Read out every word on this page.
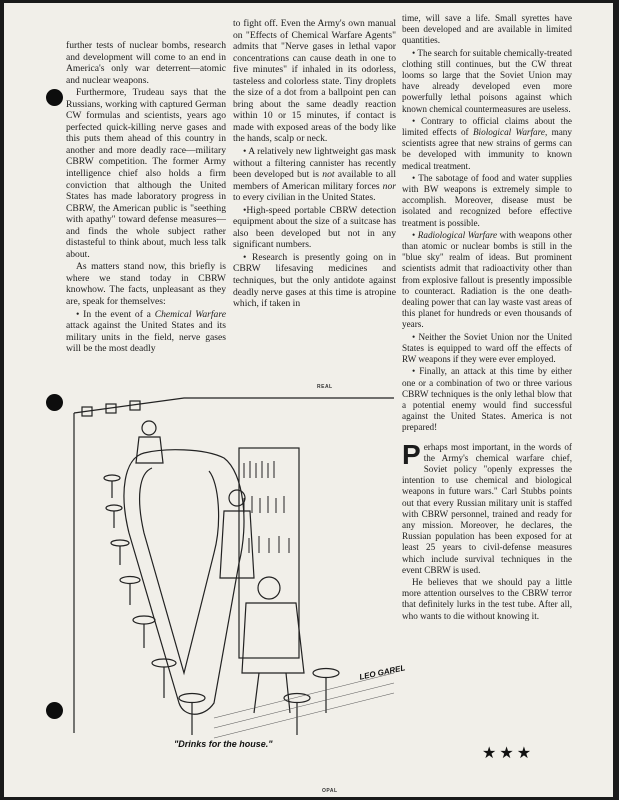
further tests of nuclear bombs, research and development will come to an end in America's only war deterrent—atomic and nuclear weapons.

Furthermore, Trudeau says that the Russians, working with captured German CW formulas and scientists, years ago perfected quick-killing nerve gases and this puts them ahead of this country in another and more deadly race—military CBRW competition. The former Army intelligence chief also holds a firm conviction that although the United States has made laboratory progress in CBRW, the American public is "seething with apathy" toward defense measures—and finds the whole subject rather distasteful to think about, much less talk about.

As matters stand now, this briefly is where we stand today in CBRW knowhow. The facts, unpleasant as they are, speak for themselves:

• In the event of a Chemical Warfare attack against the United States and its military units in the field, nerve gases will be the most deadly

to fight off. Even the Army's own manual on "Effects of Chemical Warfare Agents" admits that "Nerve gases in lethal vapor concentrations can cause death in one to five minutes" if inhaled in its odorless, tasteless and colorless state. Tiny droplets the size of a dot from a ballpoint pen can bring about the same deadly reaction within 10 or 15 minutes, if contact is made with exposed areas of the body like the hands, scalp or neck.

• A relatively new lightweight gas mask without a filtering cannister has recently been developed but is not available to all members of American military forces nor to every civilian in the United States.

•High-speed portable CBRW detection equipment about the size of a suitcase has also been developed but not in any significant numbers.

• Research is presently going on in CBRW lifesaving medicines and techniques, but the only antidote against deadly nerve gases at this time is atropine which, if taken in

time, will save a life. Small syrettes have been developed and are available in limited quantities.

• The search for suitable chemically-treated clothing still continues, but the CW threat looms so large that the Soviet Union may have already developed even more powerfully lethal poisons against which known chemical countermeasures are useless.

• Contrary to official claims about the limited effects of Biological Warfare, many scientists agree that new strains of germs can be developed with immunity to known medical treatment.

• The sabotage of food and water supplies with BW weapons is extremely simple to accomplish. Moreover, disease must be isolated and recognized before effective treatment is possible.

• Radiological Warfare with weapons other than atomic or nuclear bombs is still in the "blue sky" realm of ideas. But prominent scientists admit that radioactivity other than from explosive fallout is presently impossible to counteract. Radiation is the one death-dealing power that can lay waste vast areas of this planet for hundreds or even thousands of years.

• Neither the Soviet Union nor the United States is equipped to ward off the effects of RW weapons if they were ever employed.

• Finally, an attack at this time by either one or a combination of two or three various CBRW techniques is the only lethal blow that a potential enemy would find successful against the United States. America is not prepared!

Perhaps most important, in the words of the Army's chemical warfare chief, Soviet policy "openly expresses the intention to use chemical and biological weapons in future wars." Carl Stubbs points out that every Russian military unit is staffed with CBRW personnel, trained and ready for any mission. Moreover, he declares, the Russian population has been exposed for at least 25 years to civil-defense measures which include survival techniques in the event CBRW is used.

He believes that we should pay a little more attention ourselves to the CBRW terror that definitely lurks in the test tube. After all, who wants to die without knowing it.

★★★
REAL
OPAL
LEO GAREL
"Drinks for the house."
